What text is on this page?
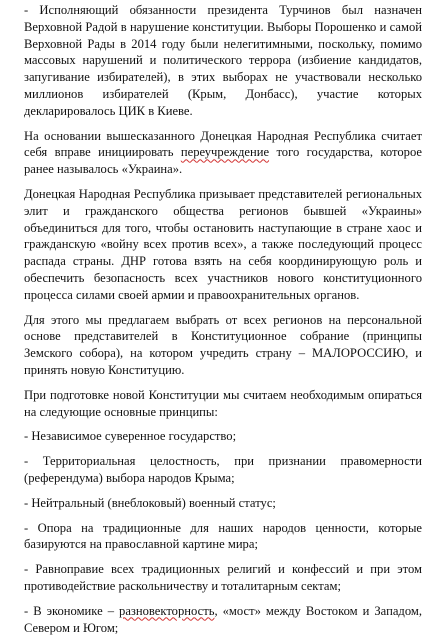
- Исполняющий обязанности президента Турчинов был назначен Верховной Радой в нарушение конституции. Выборы Порошенко и самой Верховной Рады в 2014 году были нелегитимными, поскольку, помимо массовых нарушений и политического террора (избиение кандидатов, запугивание избирателей), в этих выборах не участвовали несколько миллионов избирателей (Крым, Донбасс), участие которых декларировалось ЦИК в Киеве.

На основании вышесказанного Донецкая Народная Республика считает себя вправе инициировать переучреждение того государства, которое ранее называлось «Украина».

Донецкая Народная Республика призывает представителей региональных элит и гражданского общества регионов бывшей «Украины» объединиться для того, чтобы остановить наступающие в стране хаос и гражданскую «войну всех против всех», а также последующий процесс распада страны. ДНР готова взять на себя координирующую роль и обеспечить безопасность всех участников нового конституционного процесса силами своей армии и правоохранительных органов.

Для этого мы предлагаем выбрать от всех регионов на персональной основе представителей в Конституционное собрание (принципы Земского собора), на котором учредить страну – МАЛОРОССИЮ, и принять новую Конституцию.

При подготовке новой Конституции мы считаем необходимым опираться на следующие основные принципы:

- Независимое суверенное государство;

- Территориальная целостность, при признании правомерности (референдума) выбора народов Крыма;

- Нейтральный (внеблоковый) военный статус;

- Опора на традиционные для наших народов ценности, которые базируются на православной картине мира;

- Равноправие всех традиционных религий и конфессий и при этом противодействие раскольничеству и тоталитарным сектам;

- В экономике – разновекторность, «мост» между Востоком и Западом, Севером и Югом;
